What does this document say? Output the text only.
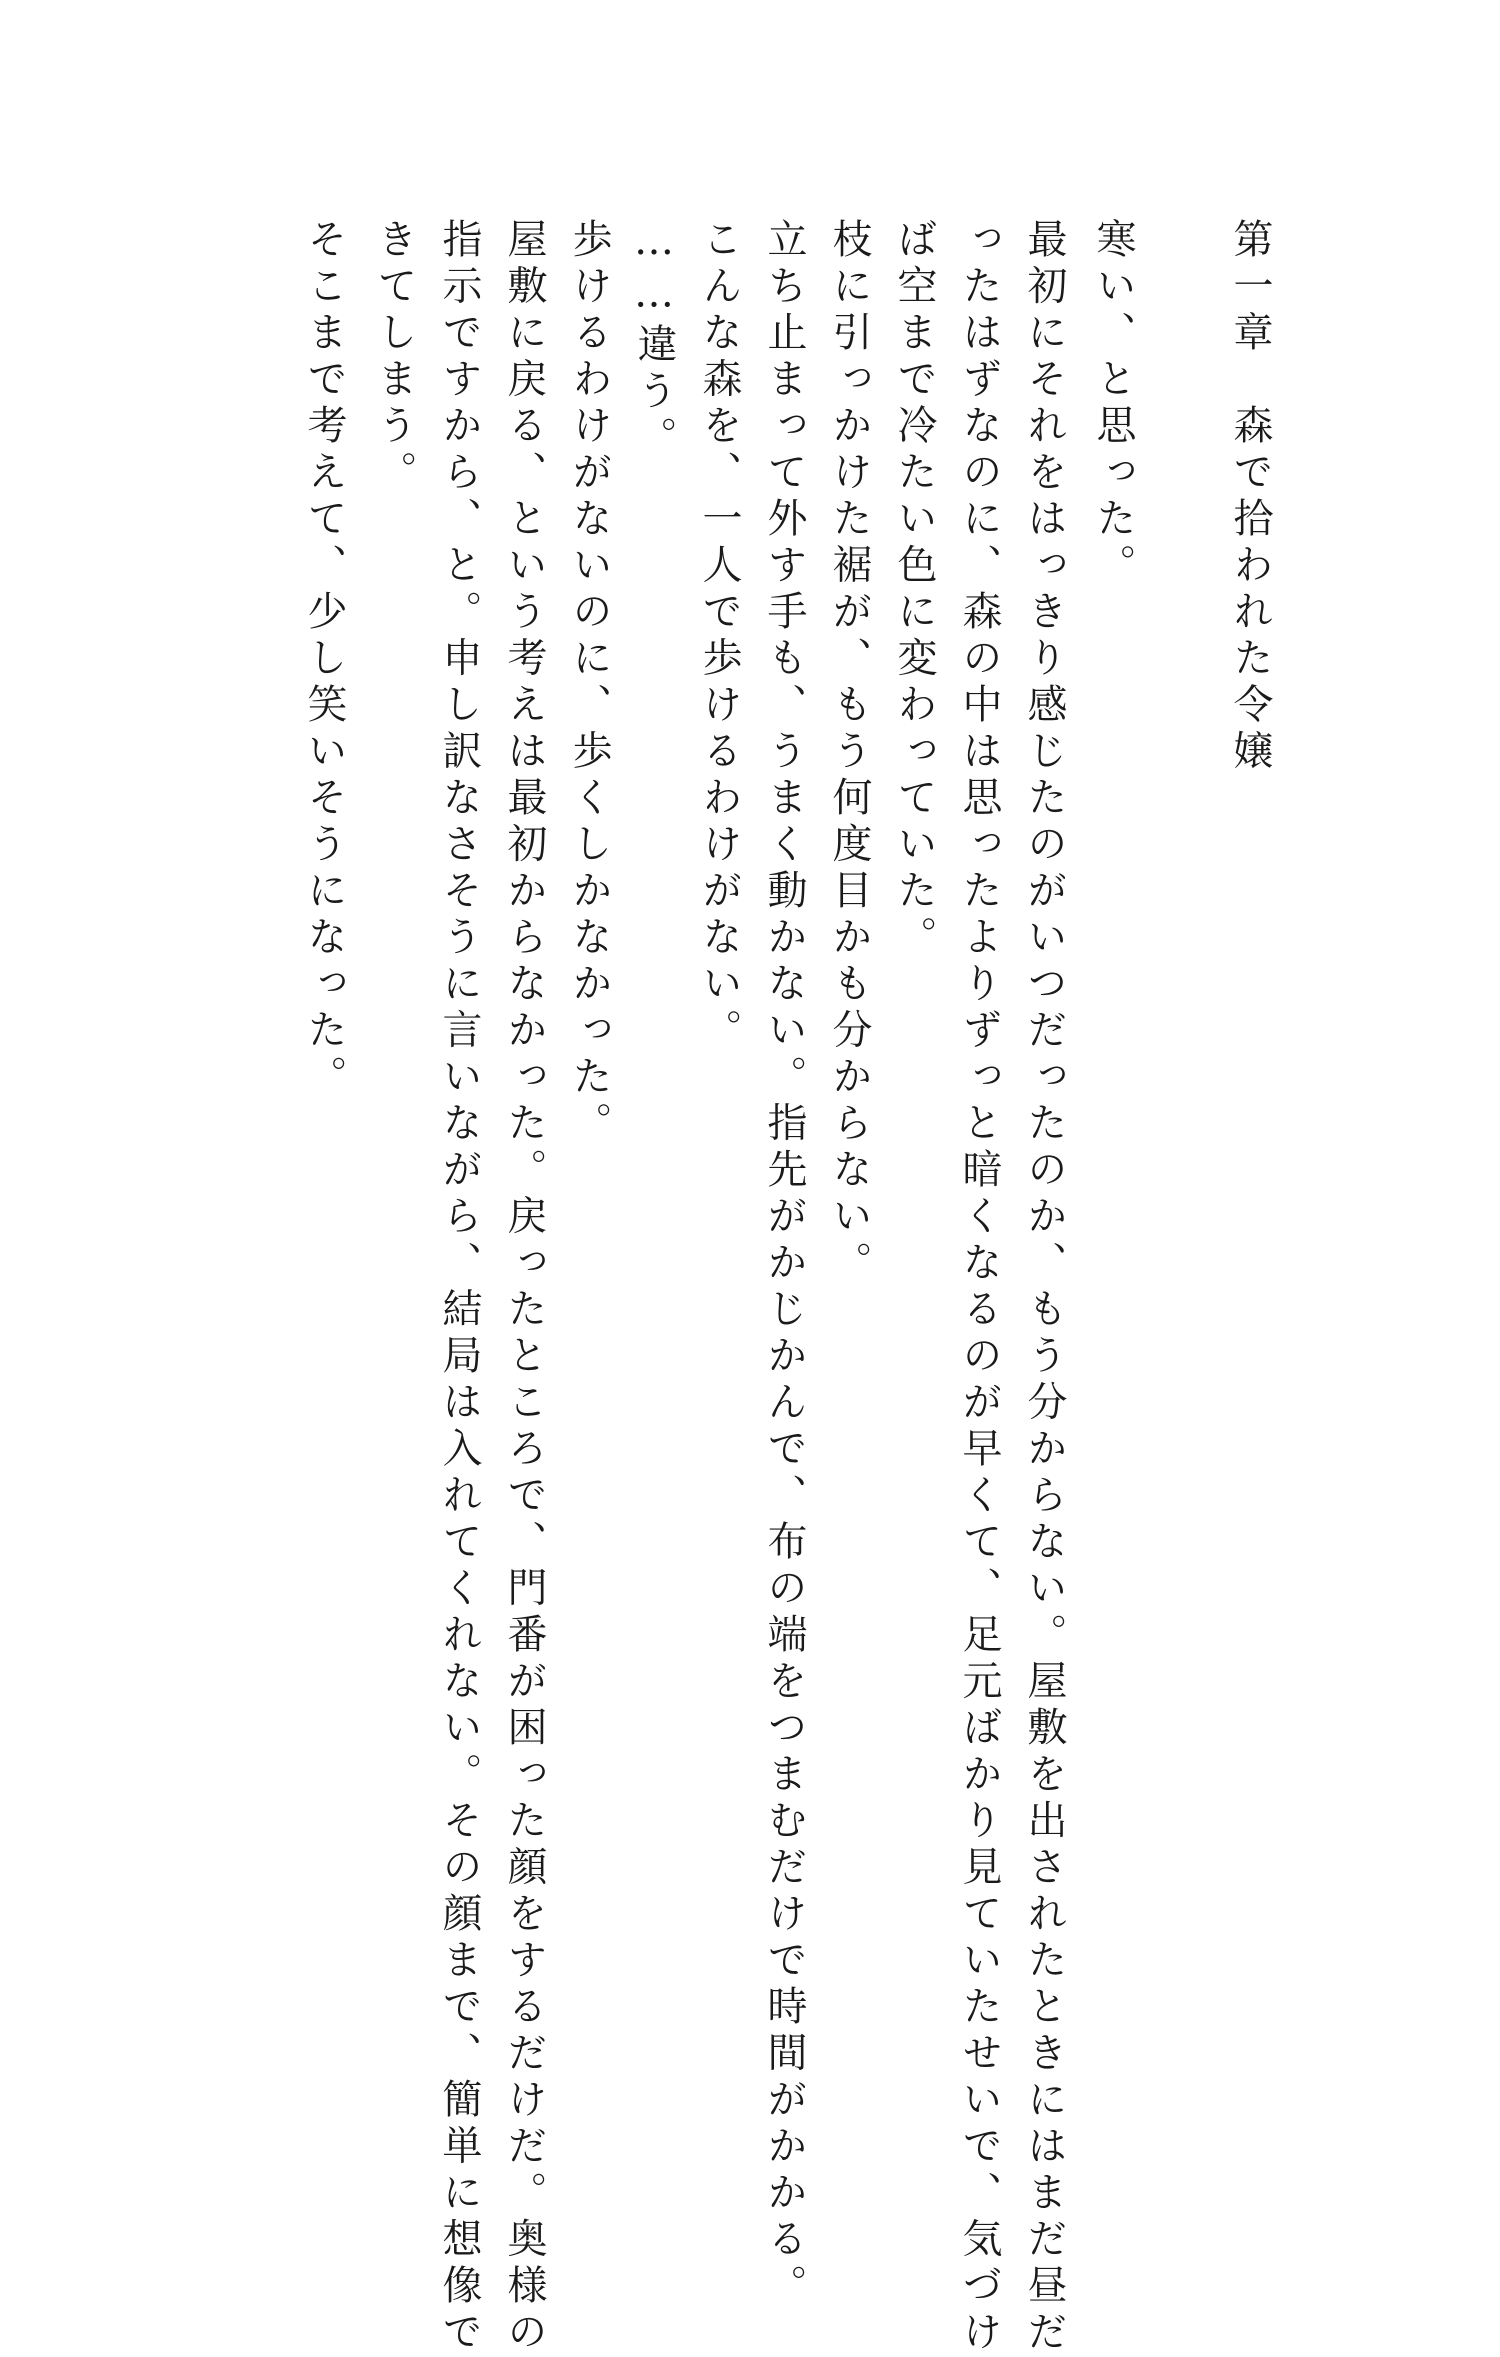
第一章　森で拾われた令嬢
寒い、と思った。
最初にそれをはっきり感じたのがいつだったのか、もう分からない。屋敷を出されたときにはまだ昼だ
ったはずなのに、森の中は思ったよりずっと暗くなるのが早くて、足元ばかり見ていたせいで、気づけ
ば空まで冷たい色に変わっていた。
枝に引っかけた裾が、もう何度目かも分からない。
立ち止まって外す手も、うまく動かない。指先がかじかんで、布の端をつまむだけで時間がかかる。
こんな森を、一人で歩けるわけがない。
……違う。
歩けるわけがないのに、歩くしかなかった。
屋敷に戻る、という考えは最初からなかった。戻ったところで、門番が困った顔をするだけだ。奥様の
指示ですから、と。申し訳なさそうに言いながら、結局は入れてくれない。その顔まで、簡単に想像で
きてしまう。
そこまで考えて、少し笑いそうになった。
